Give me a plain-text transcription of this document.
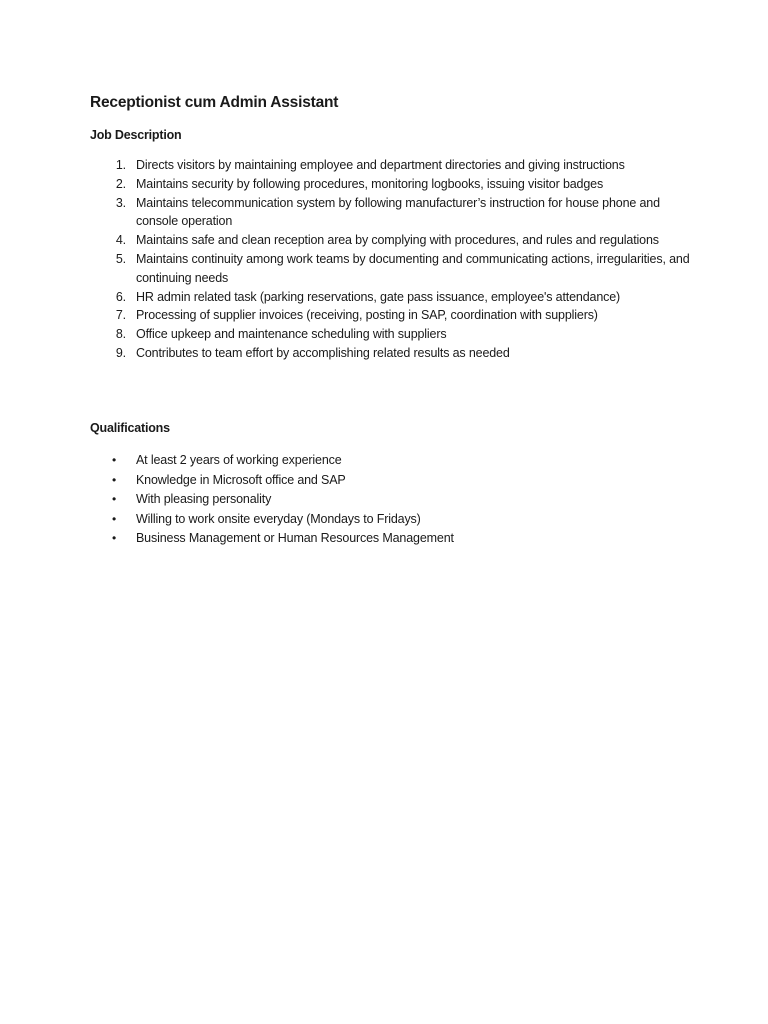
Receptionist cum Admin Assistant
Job Description
1. Directs visitors by maintaining employee and department directories and giving instructions
2. Maintains security by following procedures, monitoring logbooks, issuing visitor badges
3. Maintains telecommunication system by following manufacturer’s instruction for house phone and console operation
4. Maintains safe and clean reception area by complying with procedures, and rules and regulations
5. Maintains continuity among work teams by documenting and communicating actions, irregularities, and continuing needs
6. HR admin related task (parking reservations, gate pass issuance, employee's attendance)
7. Processing of supplier invoices (receiving, posting in SAP, coordination with suppliers)
8. Office upkeep and maintenance scheduling with suppliers
9. Contributes to team effort by accomplishing related results as needed
Qualifications
•	At least 2 years of working experience
•	Knowledge in Microsoft office and SAP
•	With pleasing personality
•	Willing to work onsite everyday (Mondays to Fridays)
•	Business Management or Human Resources Management
